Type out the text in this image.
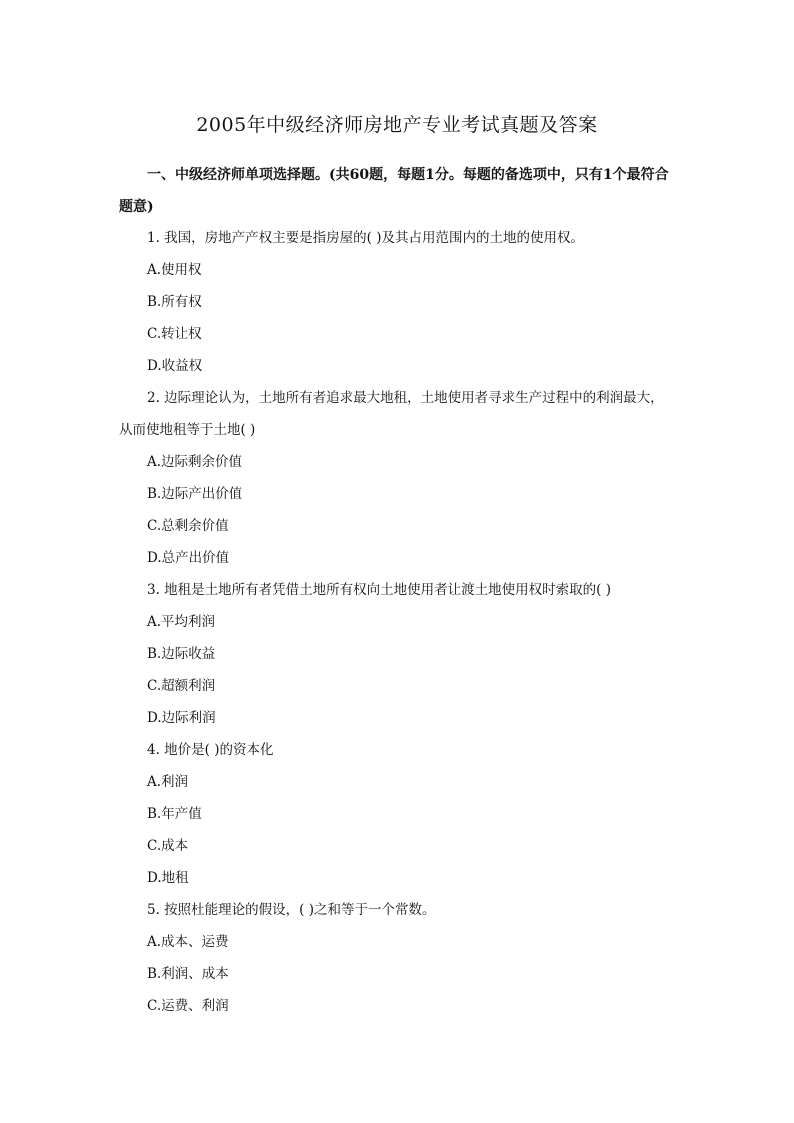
2005年中级经济师房地产专业考试真题及答案
一、中级经济师单项选择题。(共60题，每题1分。每题的备选项中，只有1个最符合题意)
1. 我国，房地产产权主要是指房屋的( )及其占用范围内的土地的使用权。
A.使用权
B.所有权
C.转让权
D.收益权
2. 边际理论认为，土地所有者追求最大地租，土地使用者寻求生产过程中的利润最大，
从而使地租等于土地( )
A.边际剩余价值
B.边际产出价值
C.总剩余价值
D.总产出价值
3. 地租是土地所有者凭借土地所有权向土地使用者让渡土地使用权时索取的( )
A.平均利润
B.边际收益
C.超额利润
D.边际利润
4. 地价是( )的资本化
A.利润
B.年产值
C.成本
D.地租
5. 按照杜能理论的假设，( )之和等于一个常数。
A.成本、运费
B.利润、成本
C.运费、利润
